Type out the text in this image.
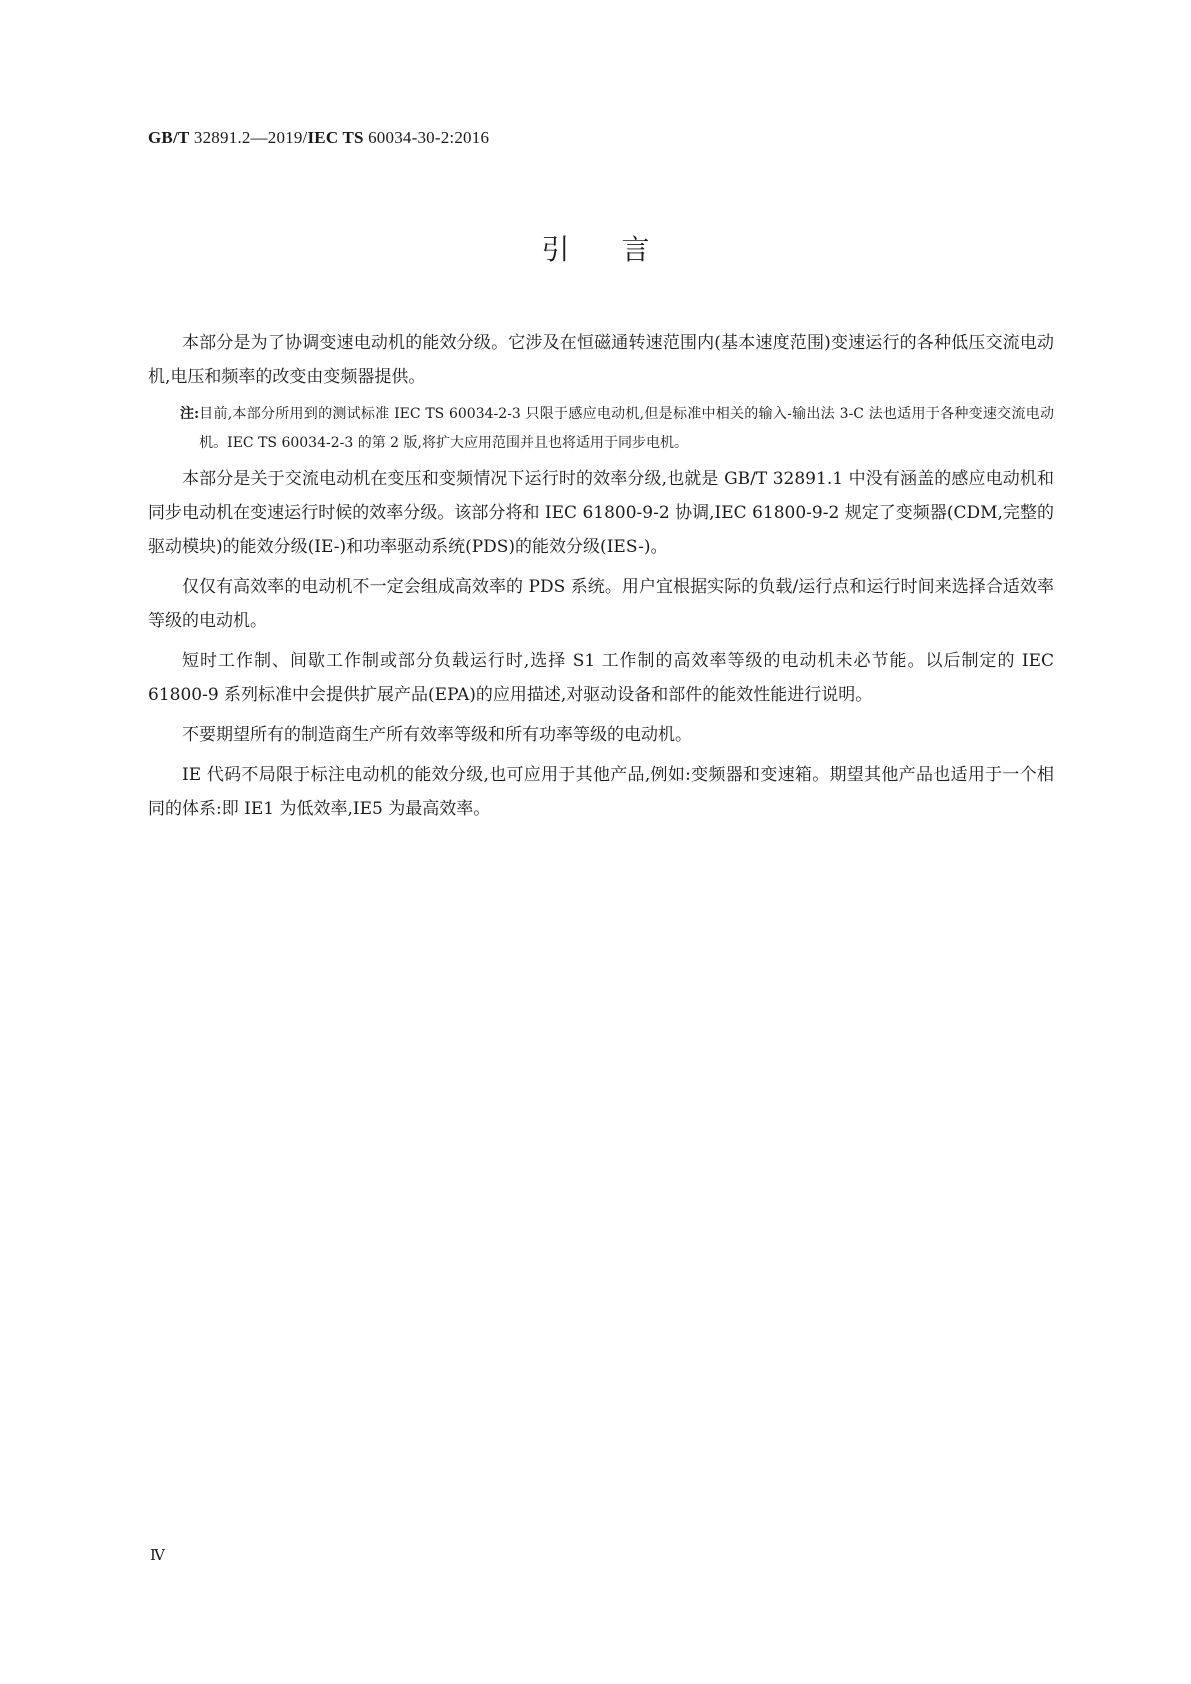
GB/T 32891.2—2019/IEC TS 60034-30-2:2016
引言

本部分是为了协调变速电动机的能效分级。它涉及在恒磁通转速范围内(基本速度范围)变速运行的各种低压交流电动机,电压和频率的改变由变频器提供。

注: 目前,本部分所用到的测试标准 IEC TS 60034-2-3 只限于感应电动机,但是标准中相关的输入-输出法 3-C 法也适用于各种变速交流电动机。IEC TS 60034-2-3 的第 2 版,将扩大应用范围并且也将适用于同步电机。

本部分是关于交流电动机在变压和变频情况下运行时的效率分级,也就是 GB/T 32891.1 中没有涵盖的感应电动机和同步电动机在变速运行时候的效率分级。该部分将和 IEC 61800-9-2 协调,IEC 61800-9-2 规定了变频器(CDM,完整的驱动模块)的能效分级(IE-)和功率驱动系统(PDS)的能效分级(IES-)。

仅仅有高效率的电动机不一定会组成高效率的 PDS 系统。用户宜根据实际的负载/运行点和运行时间来选择合适效率等级的电动机。

短时工作制、间歇工作制或部分负载运行时,选择 S1 工作制的高效率等级的电动机未必节能。以后制定的 IEC 61800-9 系列标准中会提供扩展产品(EPA)的应用描述,对驱动设备和部件的能效性能进行说明。

不要期望所有的制造商生产所有效率等级和所有功率等级的电动机。

IE 代码不局限于标注电动机的能效分级,也可应用于其他产品,例如:变频器和变速箱。期望其他产品也适用于一个相同的体系:即 IE1 为低效率,IE5 为最高效率。

Ⅳ
